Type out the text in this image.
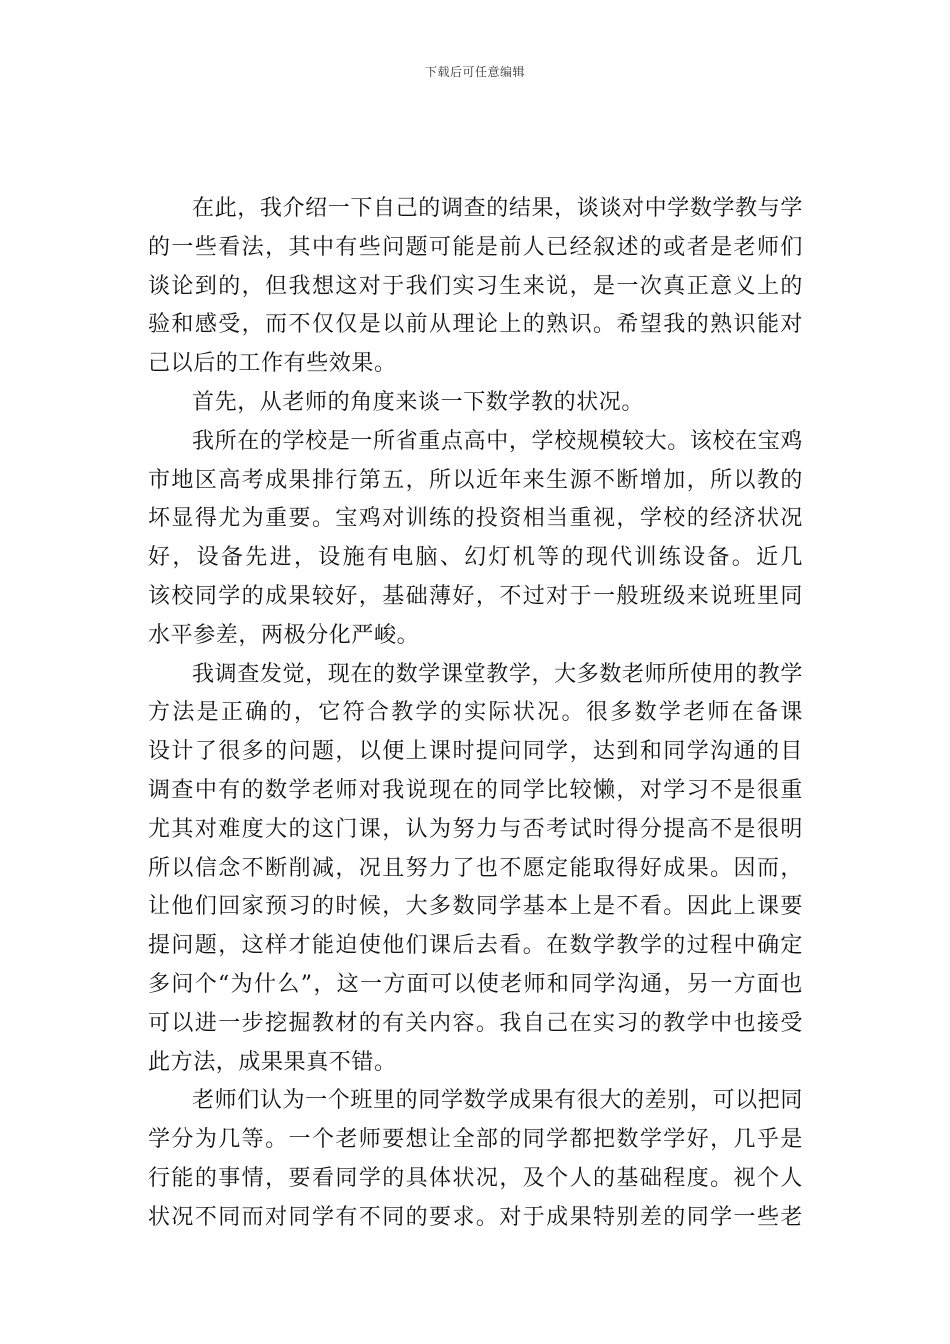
下载后可任意编辑
在此，我介绍一下自己的调查的结果，谈谈对中学数学教与学
的一些看法，其中有些问题可能是前人已经叙述的或者是老师们
谈论到的，但我想这对于我们实习生来说，是一次真正意义上的
验和感受，而不仅仅是以前从理论上的熟识。希望我的熟识能对
己以后的工作有些效果。
首先，从老师的角度来谈一下数学教的状况。
我所在的学校是一所省重点高中，学校规模较大。该校在宝鸡
市地区高考成果排行第五，所以近年来生源不断增加，所以教的
坏显得尤为重要。宝鸡对训练的投资相当重视，学校的经济状况
好，设备先进，设施有电脑、幻灯机等的现代训练设备。近几
该校同学的成果较好，基础薄好，不过对于一般班级来说班里同
水平参差，两极分化严峻。
我调查发觉，现在的数学课堂教学，大多数老师所使用的教学
方法是正确的，它符合教学的实际状况。很多数学老师在备课
设计了很多的问题，以便上课时提问同学，达到和同学沟通的目
调查中有的数学老师对我说现在的同学比较懒，对学习不是很重
尤其对难度大的这门课，认为努力与否考试时得分提高不是很明
所以信念不断削减，况且努力了也不愿定能取得好成果。因而，
让他们回家预习的时候，大多数同学基本上是不看。因此上课要
提问题，这样才能迫使他们课后去看。在数学教学的过程中确定
多问个“为什么”，这一方面可以使老师和同学沟通，另一方面也
可以进一步挖掘教材的有关内容。我自己在实习的教学中也接受
此方法，成果果真不错。
老师们认为一个班里的同学数学成果有很大的差别，可以把同
学分为几等。一个老师要想让全部的同学都把数学学好，几乎是
行能的事情，要看同学的具体状况，及个人的基础程度。视个人
状况不同而对同学有不同的要求。对于成果特别差的同学一些老
